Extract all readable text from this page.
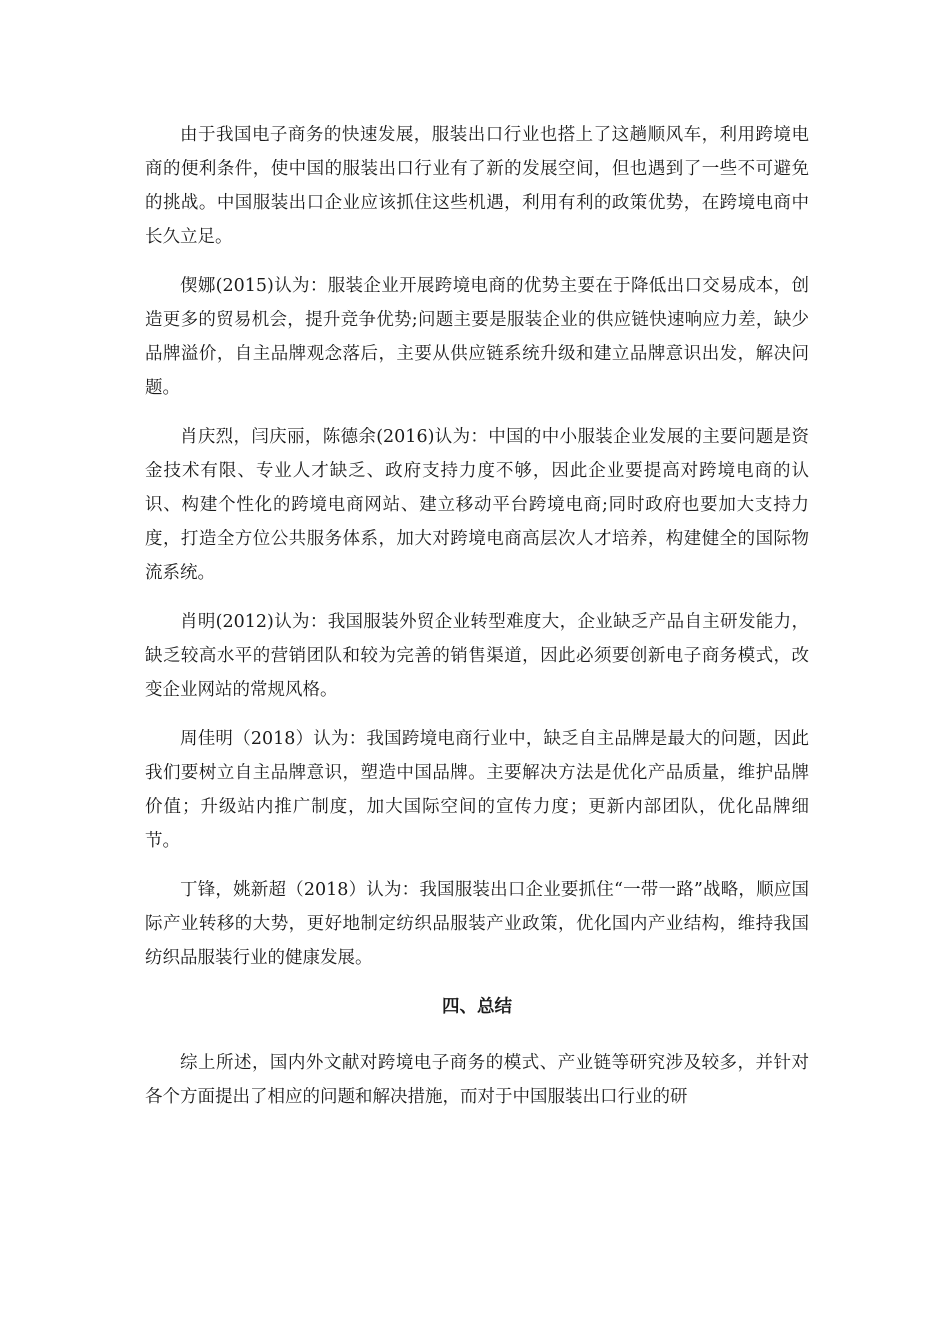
由于我国电子商务的快速发展，服装出口行业也搭上了这趟顺风车，利用跨境电商的便利条件，使中国的服装出口行业有了新的发展空间，但也遇到了一些不可避免的挑战。中国服装出口企业应该抓住这些机遇，利用有利的政策优势，在跨境电商中长久立足。

偰娜(2015)认为：服装企业开展跨境电商的优势主要在于降低出口交易成本，创造更多的贸易机会，提升竞争优势;问题主要是服装企业的供应链快速响应力差，缺少品牌溢价，自主品牌观念落后，主要从供应链系统升级和建立品牌意识出发，解决问题。

肖庆烈，闫庆丽，陈德余(2016)认为：中国的中小服装企业发展的主要问题是资金技术有限、专业人才缺乏、政府支持力度不够，因此企业要提高对跨境电商的认识、构建个性化的跨境电商网站、建立移动平台跨境电商;同时政府也要加大支持力度，打造全方位公共服务体系，加大对跨境电商高层次人才培养，构建健全的国际物流系统。

肖明(2012)认为：我国服装外贸企业转型难度大，企业缺乏产品自主研发能力，缺乏较高水平的营销团队和较为完善的销售渠道，因此必须要创新电子商务模式，改变企业网站的常规风格。

周佳明（2018）认为：我国跨境电商行业中，缺乏自主品牌是最大的问题，因此我们要树立自主品牌意识，塑造中国品牌。主要解决方法是优化产品质量，维护品牌价值；升级站内推广制度，加大国际空间的宣传力度；更新内部团队，优化品牌细节。

丁锋，姚新超（2018）认为：我国服装出口企业要抓住“一带一路”战略，顺应国际产业转移的大势，更好地制定纺织品服装产业政策，优化国内产业结构，维持我国纺织品服装行业的健康发展。

四、总结

综上所述，国内外文献对跨境电子商务的模式、产业链等研究涉及较多，并针对各个方面提出了相应的问题和解决措施，而对于中国服装出口行业的研
